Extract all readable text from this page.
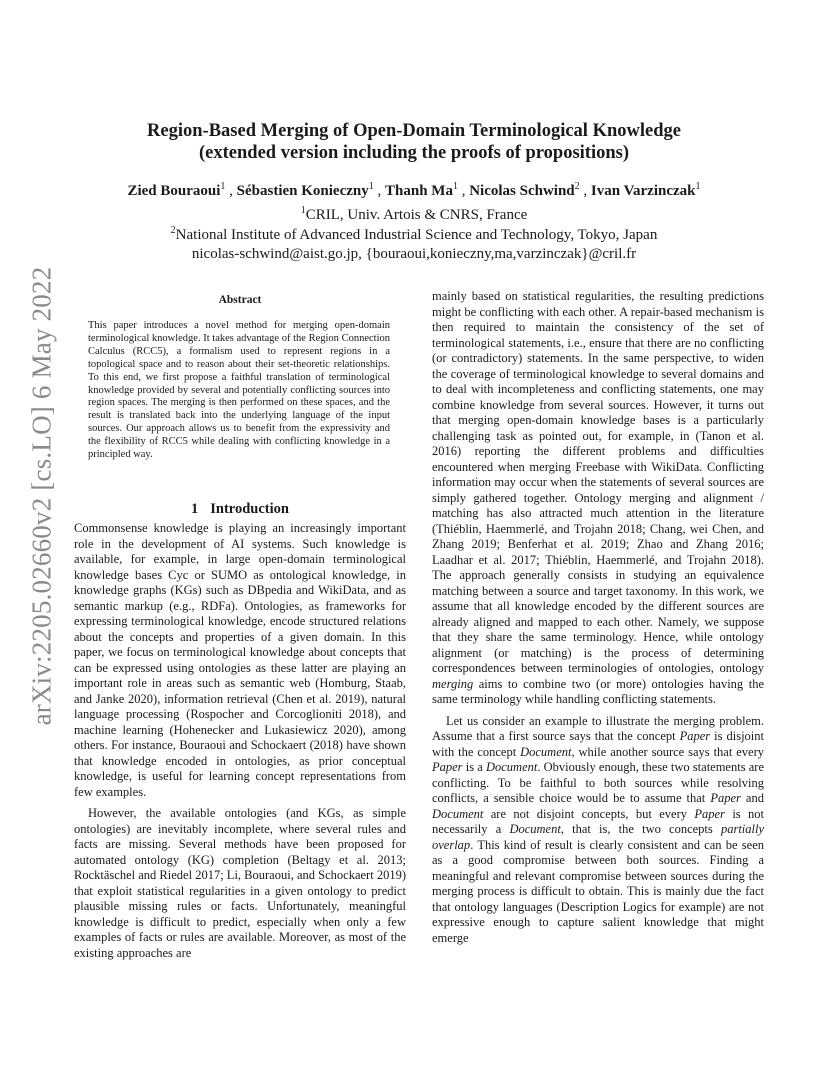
arXiv:2205.02660v2 [cs.LO] 6 May 2022
Region-Based Merging of Open-Domain Terminological Knowledge
(extended version including the proofs of propositions)
Zied Bouraoui$^1$ , Sébastien Konieczny$^1$ , Thanh Ma$^1$ , Nicolas Schwind$^2$ , Ivan Varzinczak$^1$
$^1$CRIL, Univ. Artois & CNRS, France
$^2$National Institute of Advanced Industrial Science and Technology, Tokyo, Japan
nicolas-schwind@aist.go.jp, {bouraoui,konieczny,ma,varzinczak}@cril.fr
Abstract
This paper introduces a novel method for merging open-domain terminological knowledge. It takes advantage of the Region Connection Calculus (RCC5), a formalism used to represent regions in a topological space and to reason about their set-theoretic relationships. To this end, we first propose a faithful translation of terminological knowledge provided by several and potentially conflicting sources into region spaces. The merging is then performed on these spaces, and the result is translated back into the underlying language of the input sources. Our approach allows us to benefit from the expressivity and the flexibility of RCC5 while dealing with conflicting knowledge in a principled way.
1 Introduction

Commonsense knowledge is playing an increasingly important role in the development of AI systems. Such knowledge is available, for example, in large open-domain terminological knowledge bases Cyc or SUMO as ontological knowledge, in knowledge graphs (KGs) such as DBpedia and WikiData, and as semantic markup (e.g., RDFa). Ontologies, as frameworks for expressing terminological knowledge, encode structured relations about the concepts and properties of a given domain. In this paper, we focus on terminological knowledge about concepts that can be expressed using ontologies as these latter are playing an important role in areas such as semantic web (Homburg, Staab, and Janke 2020), information retrieval (Chen et al. 2019), natural language processing (Rospocher and Corcoglioniti 2018), and machine learning (Hohenecker and Lukasiewicz 2020), among others. For instance, Bouraoui and Schockaert (2018) have shown that knowledge encoded in ontologies, as prior conceptual knowledge, is useful for learning concept representations from few examples.

However, the available ontologies (and KGs, as simple ontologies) are inevitably incomplete, where several rules and facts are missing. Several methods have been proposed for automated ontology (KG) completion (Beltagy et al. 2013; Rocktäschel and Riedel 2017; Li, Bouraoui, and Schockaert 2019) that exploit statistical regularities in a given ontology to predict plausible missing rules or facts. Unfortunately, meaningful knowledge is difficult to predict, especially when only a few examples of facts or rules are available. Moreover, as most of the existing approaches are

mainly based on statistical regularities, the resulting predictions might be conflicting with each other. A repair-based mechanism is then required to maintain the consistency of the set of terminological statements, i.e., ensure that there are no conflicting (or contradictory) statements. In the same perspective, to widen the coverage of terminological knowledge to several domains and to deal with incompleteness and conflicting statements, one may combine knowledge from several sources. However, it turns out that merging open-domain knowledge bases is a particularly challenging task as pointed out, for example, in (Tanon et al. 2016) reporting the different problems and difficulties encountered when merging Freebase with WikiData. Conflicting information may occur when the statements of several sources are simply gathered together. Ontology merging and alignment / matching has also attracted much attention in the literature (Thiéblin, Haemmerlé, and Trojahn 2018; Chang, wei Chen, and Zhang 2019; Benferhat et al. 2019; Zhao and Zhang 2016; Laadhar et al. 2017; Thiéblin, Haemmerlé, and Trojahn 2018). The approach generally consists in studying an equivalence matching between a source and target taxonomy. In this work, we assume that all knowledge encoded by the different sources are already aligned and mapped to each other. Namely, we suppose that they share the same terminology. Hence, while ontology alignment (or matching) is the process of determining correspondences between terminologies of ontologies, ontology merging aims to combine two (or more) ontologies having the same terminology while handling conflicting statements.

Let us consider an example to illustrate the merging problem. Assume that a first source says that the concept Paper is disjoint with the concept Document, while another source says that every Paper is a Document. Obviously enough, these two statements are conflicting. To be faithful to both sources while resolving conflicts, a sensible choice would be to assume that Paper and Document are not disjoint concepts, but every Paper is not necessarily a Document, that is, the two concepts partially overlap. This kind of result is clearly consistent and can be seen as a good compromise between both sources. Finding a meaningful and relevant compromise between sources during the merging process is difficult to obtain. This is mainly due the fact that ontology languages (Description Logics for example) are not expressive enough to capture salient knowledge that might emerge
